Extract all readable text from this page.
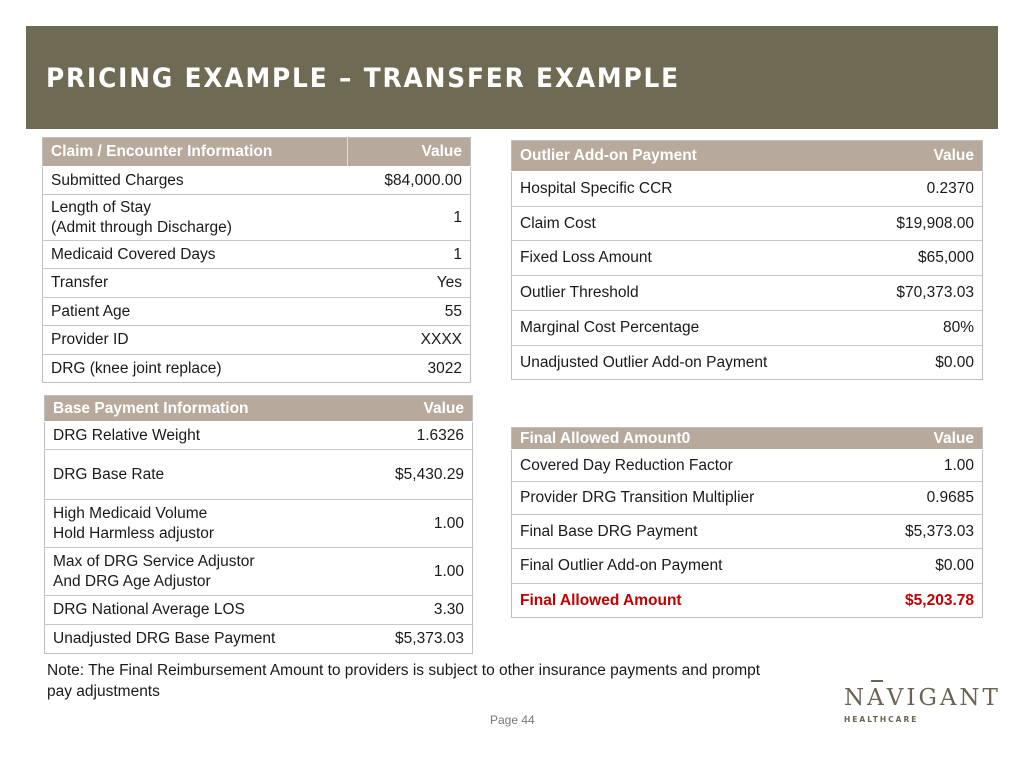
PRICING EXAMPLE – TRANSFER EXAMPLE
Claim / Encounter Information	Value
Submitted Charges	$84,000.00

Length of Stay
(Admit through Discharge)	1
Medicaid Covered Days	1
Transfer	Yes
Patient Age	55
Provider ID	XXXX
DRG (knee joint replace)	3022
Base Payment Information	Value
DRG Relative Weight	1.6326
DRG Base Rate	$5,430.29

High Medicaid Volume
Hold Harmless adjustor	1.00

Max of DRG Service Adjustor
And DRG Age Adjustor	1.00
DRG National Average LOS	3.30
Unadjusted DRG Base Payment	$5,373.03
Outlier Add-on Payment	Value
Hospital Specific CCR	0.2370
Claim Cost	$19,908.00
Fixed Loss Amount	$65,000
Outlier Threshold	$70,373.03
Marginal Cost Percentage	80%
Unadjusted Outlier Add-on Payment	$0.00
Final Allowed Amount0	Value
Covered Day Reduction Factor	1.00
Provider DRG Transition Multiplier	0.9685
Final Base DRG Payment	$5,373.03
Final Outlier Add-on Payment	$0.00
Final Allowed Amount	$5,203.78
Note: The Final Reimbursement Amount to providers is subject to other insurance payments and prompt pay adjustments
Page 44
N
AVIGANT
HEALTHCARE
